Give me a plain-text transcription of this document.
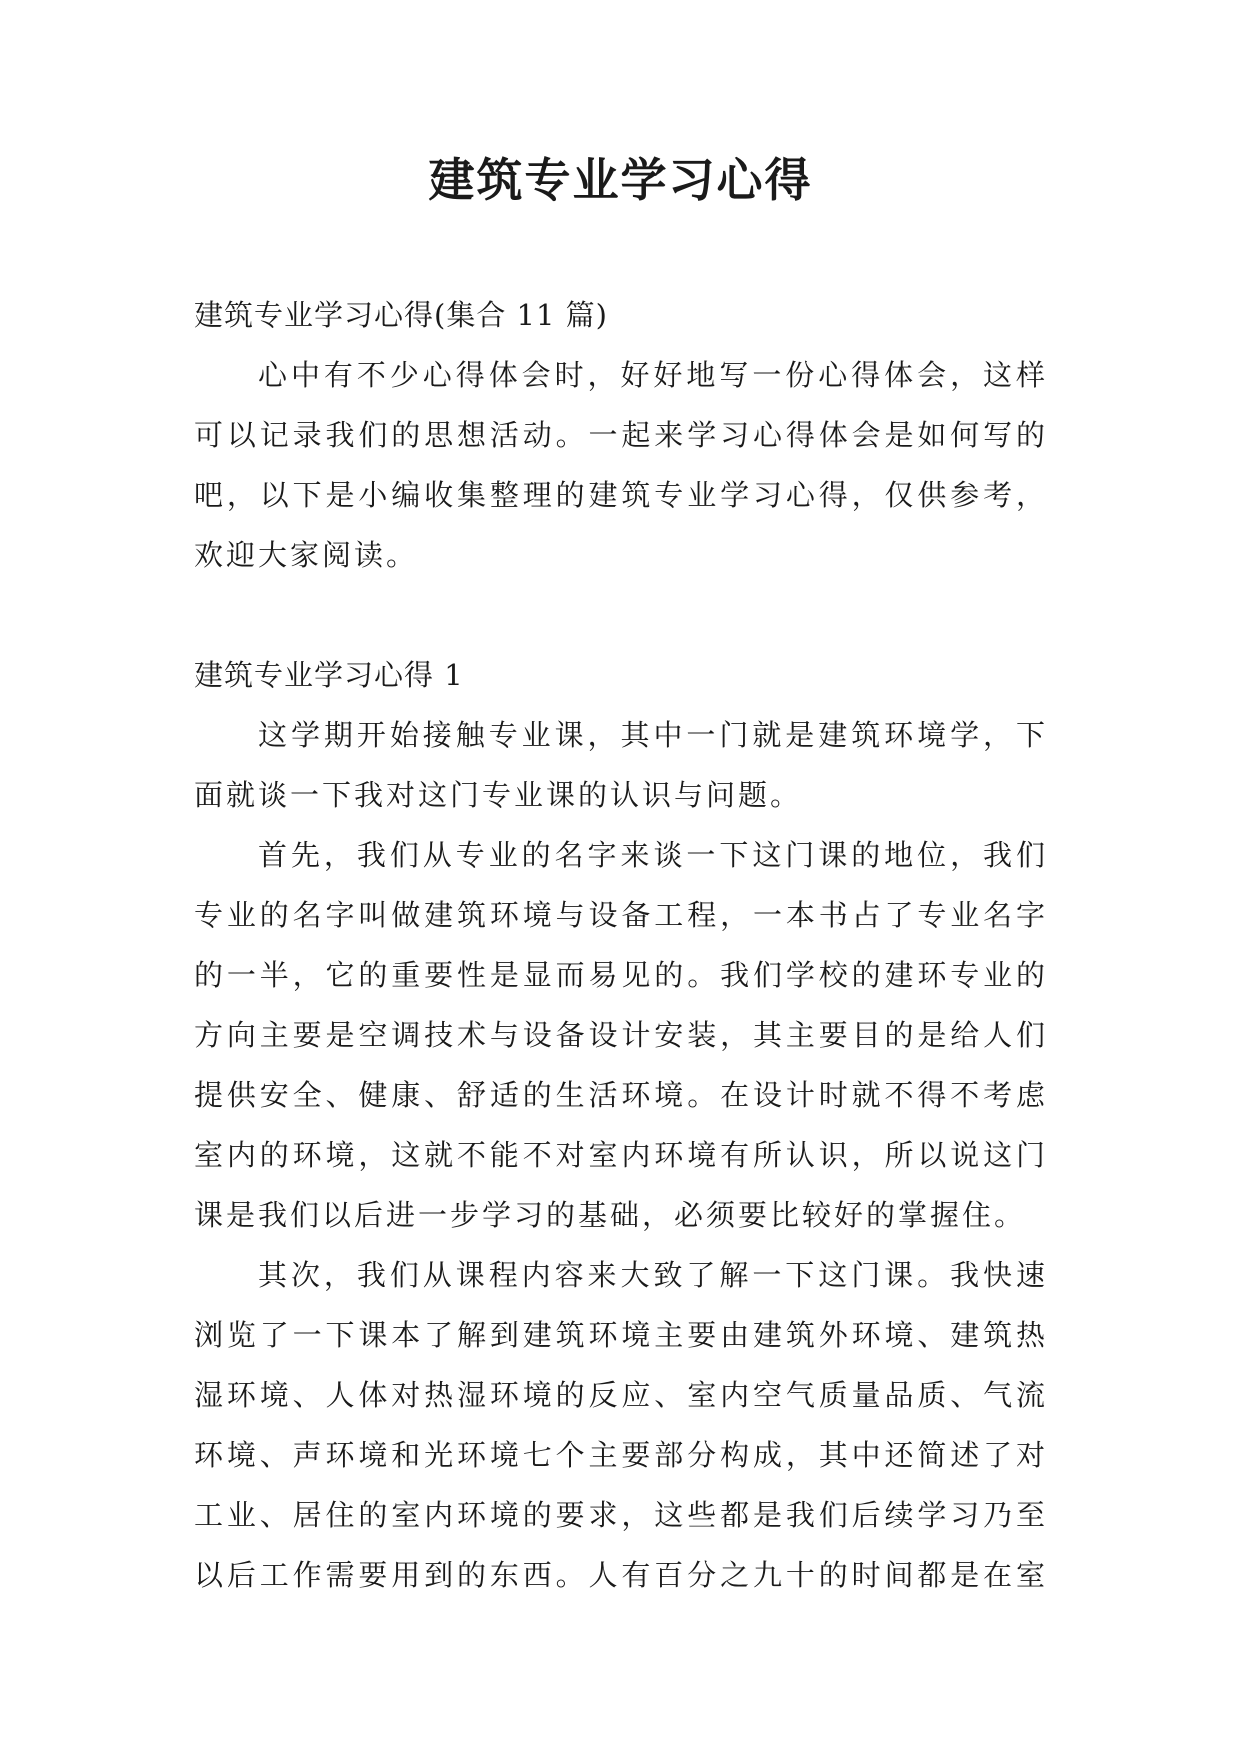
建筑专业学习心得

建筑专业学习心得(集合 11 篇)

心中有不少心得体会时，好好地写一份心得体会，这样
可以记录我们的思想活动。一起来学习心得体会是如何写的
吧，以下是小编收集整理的建筑专业学习心得，仅供参考，
欢迎大家阅读。

建筑专业学习心得 1

这学期开始接触专业课，其中一门就是建筑环境学，下
面就谈一下我对这门专业课的认识与问题。
首先，我们从专业的名字来谈一下这门课的地位，我们
专业的名字叫做建筑环境与设备工程，一本书占了专业名字
的一半，它的重要性是显而易见的。我们学校的建环专业的
方向主要是空调技术与设备设计安装，其主要目的是给人们
提供安全、健康、舒适的生活环境。在设计时就不得不考虑
室内的环境，这就不能不对室内环境有所认识，所以说这门
课是我们以后进一步学习的基础，必须要比较好的掌握住。
其次，我们从课程内容来大致了解一下这门课。我快速
浏览了一下课本了解到建筑环境主要由建筑外环境、建筑热
湿环境、人体对热湿环境的反应、室内空气质量品质、气流
环境、声环境和光环境七个主要部分构成，其中还简述了对
工业、居住的室内环境的要求，这些都是我们后续学习乃至
以后工作需要用到的东西。人有百分之九十的时间都是在室
